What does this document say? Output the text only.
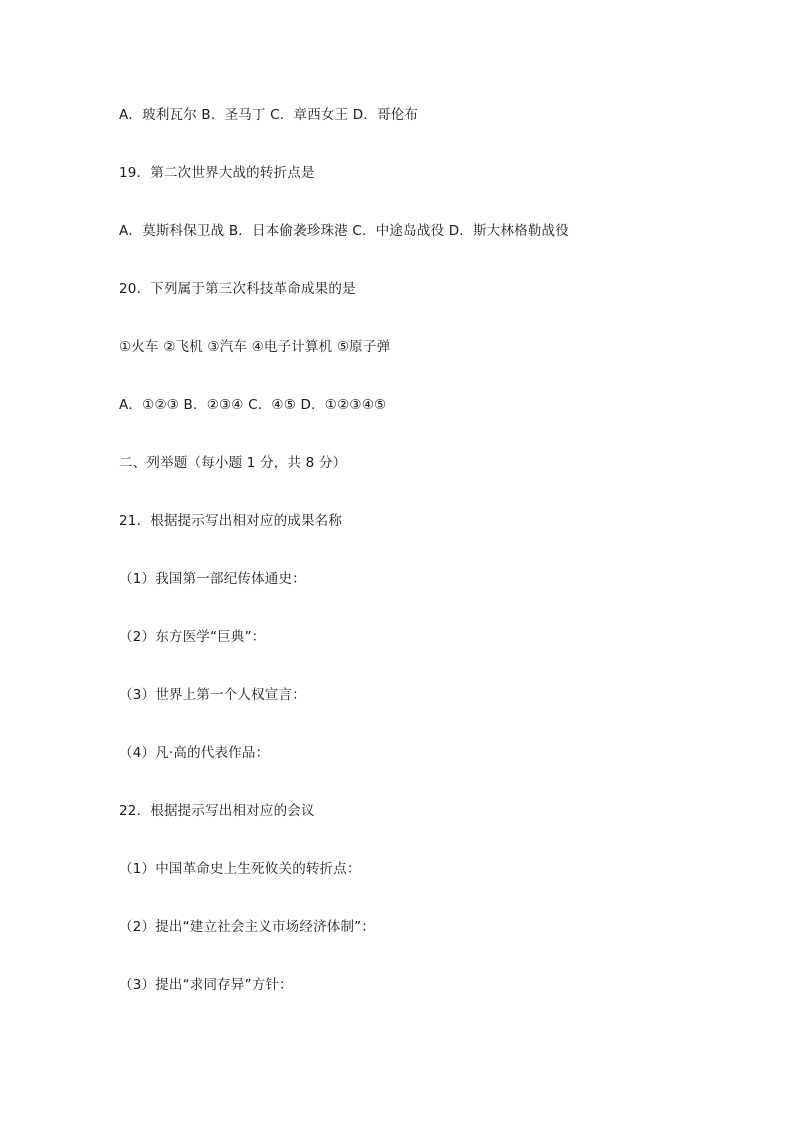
A．玻利瓦尔 B．圣马丁 C．章西女王 D．哥伦布
19．第二次世界大战的转折点是
A．莫斯科保卫战 B．日本偷袭珍珠港 C．中途岛战役 D．斯大林格勒战役
20．下列属于第三次科技革命成果的是
①火车 ②飞机 ③汽车 ④电子计算机 ⑤原子弹
A．①②③ B．②③④ C．④⑤ D．①②③④⑤
二、列举题（每小题 1 分，共 8 分）
21．根据提示写出相对应的成果名称
（1）我国第一部纪传体通史：
（2）东方医学“巨典”：
（3）世界上第一个人权宣言：
（4）凡·高的代表作品：
22．根据提示写出相对应的会议
（1）中国革命史上生死攸关的转折点：
（2）提出“建立社会主义市场经济体制”：
（3）提出“求同存异”方针：
